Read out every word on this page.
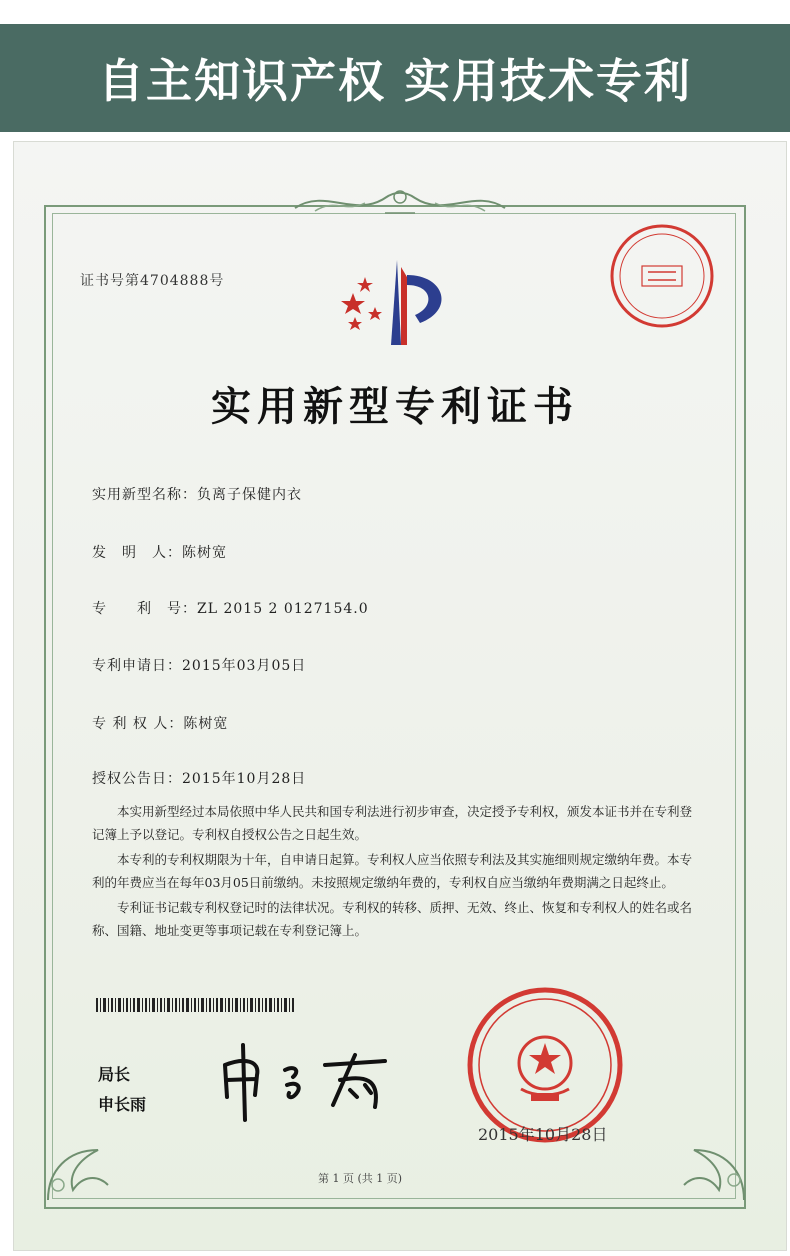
自主知识产权 实用技术专利
证书号第4704888号
实用新型专利证书
实用新型名称：负离子保健内衣
发　明　人：陈树宽
专　　利　号：ZL 2015 2 0127154.0
专利申请日：2015年03月05日
专 利 权 人：陈树宽
授权公告日：2015年10月28日

本实用新型经过本局依照中华人民共和国专利法进行初步审查，决定授予专利权，颁发本证书并在专利登记簿上予以登记。专利权自授权公告之日起生效。

本专利的专利权期限为十年，自申请日起算。专利权人应当依照专利法及其实施细则规定缴纳年费。本专利的年费应当在每年03月05日前缴纳。未按照规定缴纳年费的，专利权自应当缴纳年费期满之日起终止。

专利证书记载专利权登记时的法律状况。专利权的转移、质押、无效、终止、恢复和专利权人的姓名或名称、国籍、地址变更等事项记载在专利登记簿上。

局长
申长雨
2015年10月28日
第 1 页 (共 1 页)
